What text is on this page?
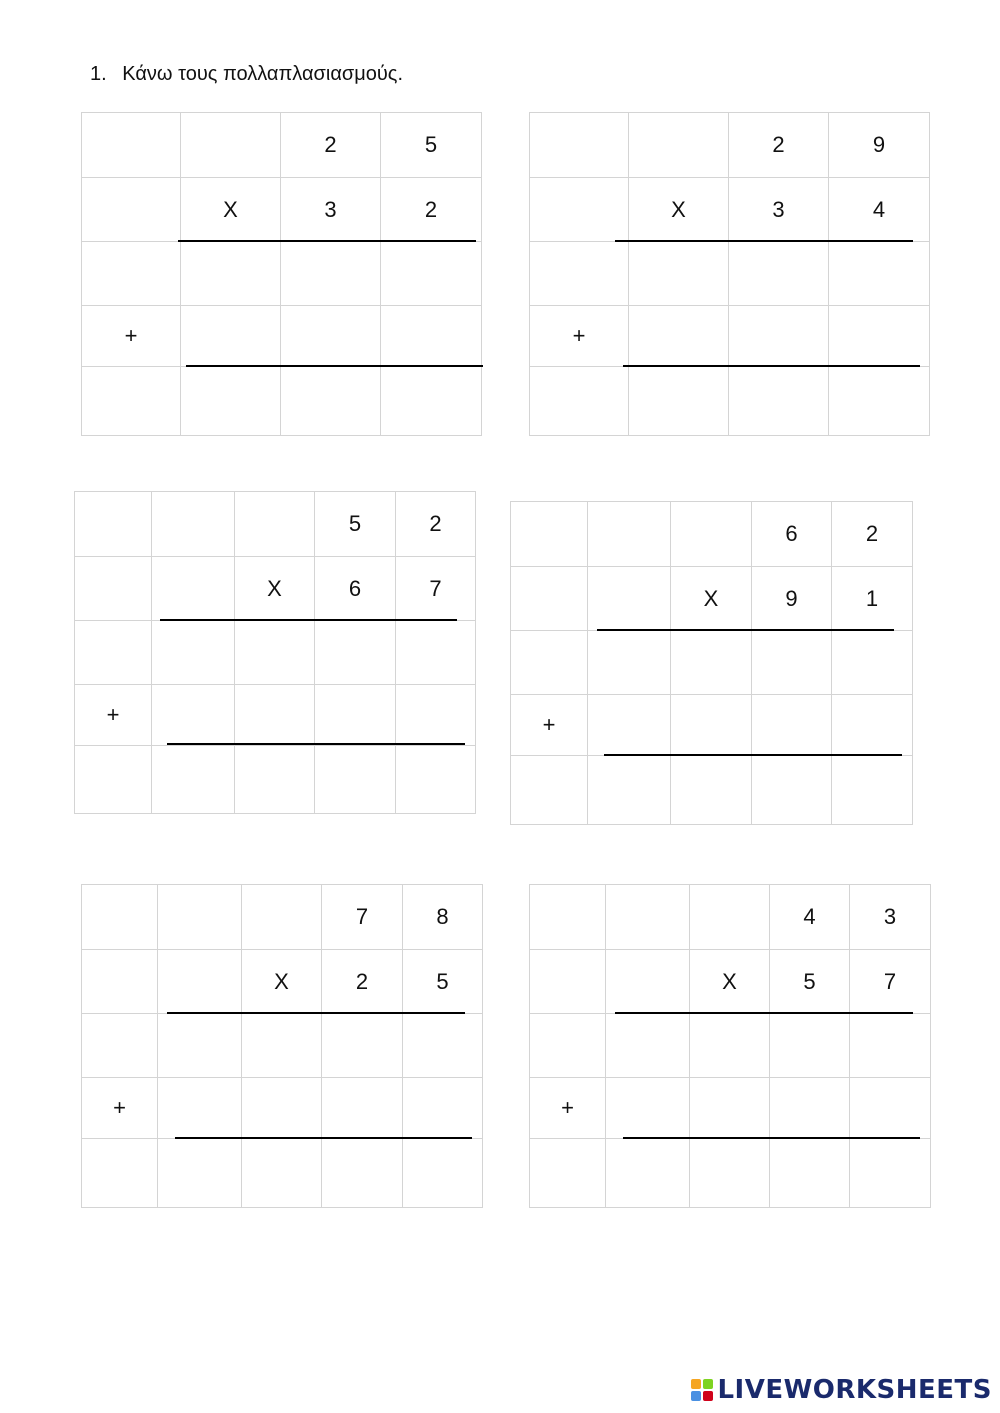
1. Κάνω τους πολλαπλασιασμούς.
		2	5
	X	3	2

+			

		2	9
	X	3	4

+			

			5	2
		X	6	7

+				

			6	2
		X	9	1

+				

			7	8
		X	2	5

+				

			4	3
		X	5	7

+				

LIVEWORKSHEETS
